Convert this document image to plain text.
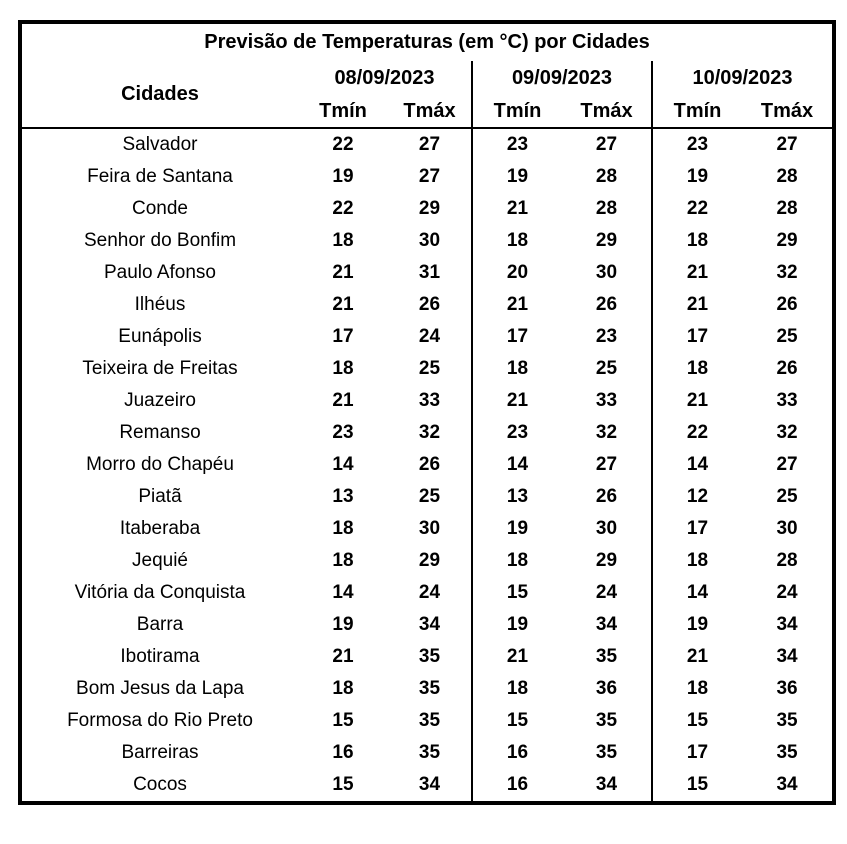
Previsão de Temperaturas (em °C) por Cidades						
Cidades	08/09/2023		09/09/2023		10/09/2023	
	Tmín	Tmáx	Tmín	Tmáx	Tmín	Tmáx
Salvador	22	27	23	27	23	27
Feira de Santana	19	27	19	28	19	28
Conde	22	29	21	28	22	28
Senhor do Bonfim	18	30	18	29	18	29
Paulo Afonso	21	31	20	30	21	32
Ilhéus	21	26	21	26	21	26
Eunápolis	17	24	17	23	17	25
Teixeira de Freitas	18	25	18	25	18	26
Juazeiro	21	33	21	33	21	33
Remanso	23	32	23	32	22	32
Morro do Chapéu	14	26	14	27	14	27
Piatã	13	25	13	26	12	25
Itaberaba	18	30	19	30	17	30
Jequié	18	29	18	29	18	28
Vitória da Conquista	14	24	15	24	14	24
Barra	19	34	19	34	19	34
Ibotirama	21	35	21	35	21	34
Bom Jesus da Lapa	18	35	18	36	18	36
Formosa do Rio Preto	15	35	15	35	15	35
Barreiras	16	35	16	35	17	35
Cocos	15	34	16	34	15	34
